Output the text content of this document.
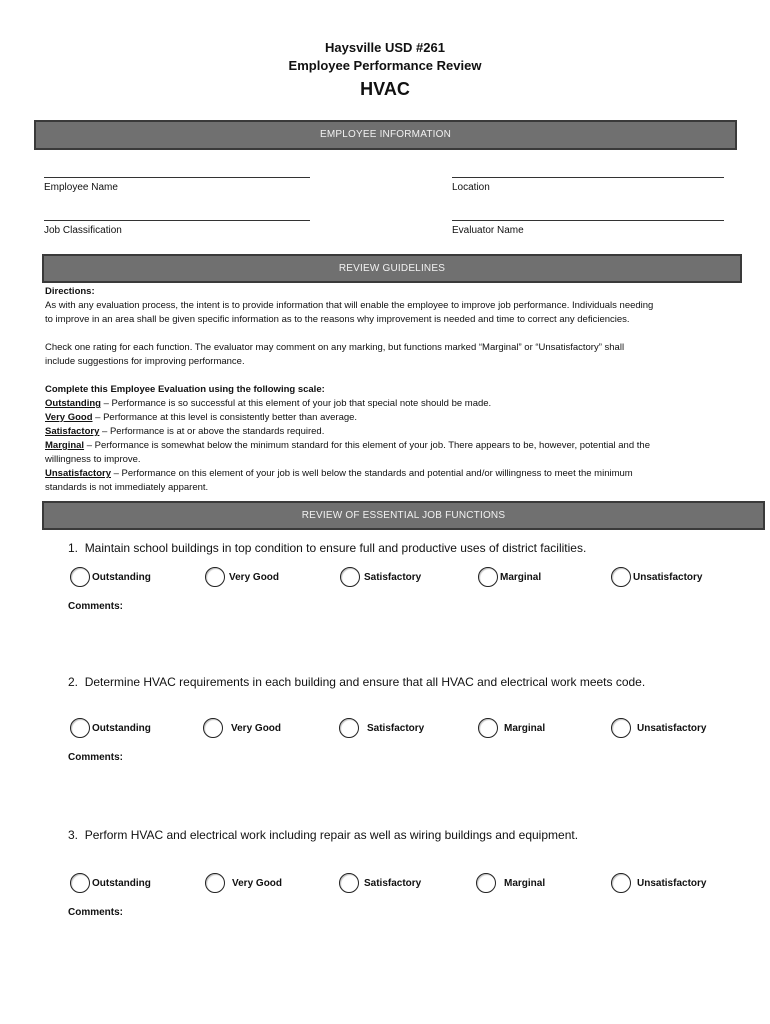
Haysville USD #261
Employee Performance Review
HVAC
EMPLOYEE INFORMATION
Employee Name	Location
Job Classification	Evaluator Name
REVIEW GUIDELINES
Directions:
As with any evaluation process, the intent is to provide information that will enable the employee to improve job performance. Individuals needing
to improve in an area shall be given specific information as to the reasons why improvement is needed and time to correct any deficiencies.
Check one rating for each function. The evaluator may comment on any marking, but functions marked “Marginal” or “Unsatisfactory” shall
include suggestions for improving performance.
Complete this Employee Evaluation using the following scale:
Outstanding – Performance is so successful at this element of your job that special note should be made.
Very Good – Performance at this level is consistently better than average.
Satisfactory – Performance is at or above the standards required.
Marginal – Performance is somewhat below the minimum standard for this element of your job. There appears to be, however, potential and the
willingness to improve.
Unsatisfactory – Performance on this element of your job is well below the standards and potential and/or willingness to meet the minimum
standards is not immediately apparent.
REVIEW OF ESSENTIAL JOB FUNCTIONS
1. Maintain school buildings in top condition to ensure full and productive uses of district facilities.
Outstanding	Very Good	Satisfactory	Marginal	Unsatisfactory
Comments:
2. Determine HVAC requirements in each building and ensure that all HVAC and electrical work meets code.
Outstanding	Very Good	Satisfactory	Marginal	Unsatisfactory
Comments:
3. Perform HVAC and electrical work including repair as well as wiring buildings and equipment.
Outstanding	Very Good	Satisfactory	Marginal	Unsatisfactory
Comments:
